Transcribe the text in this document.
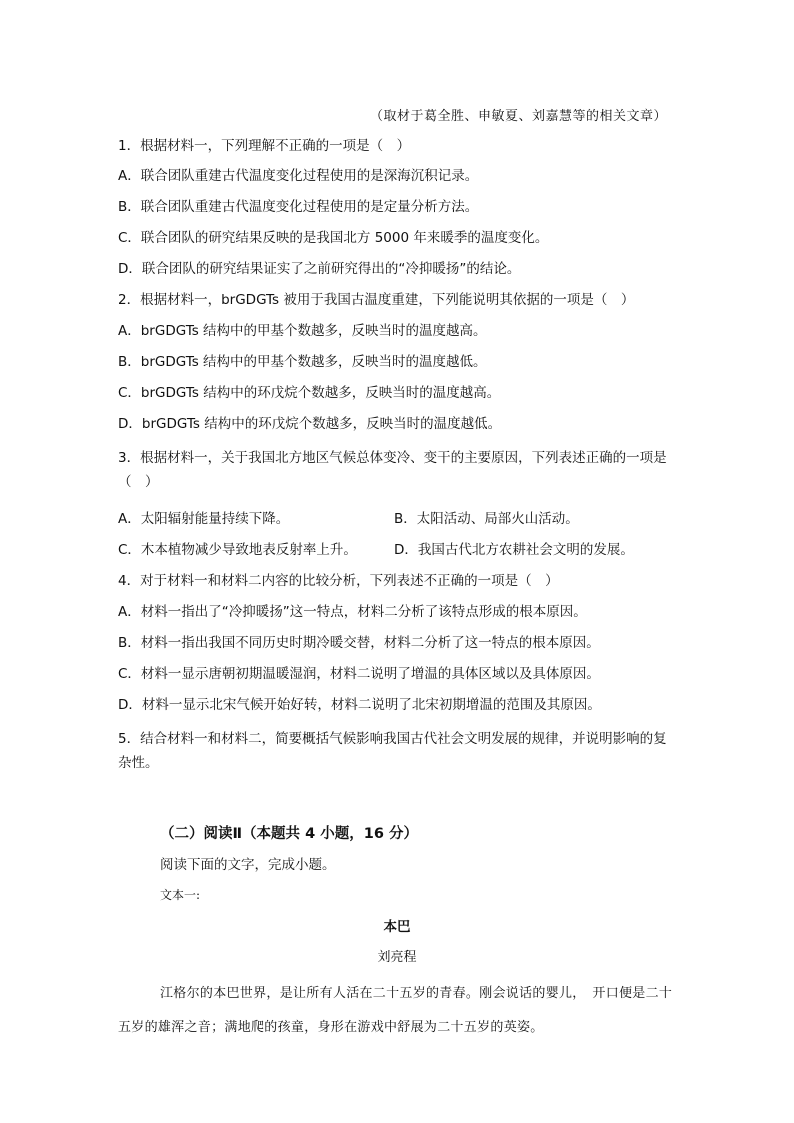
（取材于葛全胜、申敏夏、刘嘉慧等的相关文章）
1．根据材料一，下列理解不正确的一项是（　）
A．联合团队重建古代温度变化过程使用的是深海沉积记录。
B．联合团队重建古代温度变化过程使用的是定量分析方法。
C．联合团队的研究结果反映的是我国北方 5000 年来暖季的温度变化。
D．联合团队的研究结果证实了之前研究得出的“冷抑暖扬”的结论。
2．根据材料一，brGDGTs 被用于我国古温度重建，下列能说明其依据的一项是（　）
A．brGDGTs 结构中的甲基个数越多，反映当时的温度越高。
B．brGDGTs 结构中的甲基个数越多，反映当时的温度越低。
C．brGDGTs 结构中的环戊烷个数越多，反映当时的温度越高。
D．brGDGTs 结构中的环戊烷个数越多，反映当时的温度越低。
3．根据材料一，关于我国北方地区气候总体变冷、变干的主要原因，下列表述正确的一项是（　）
A．太阳辐射能量持续下降。	B．太阳活动、局部火山活动。
C．木本植物减少导致地表反射率上升。	D．我国古代北方农耕社会文明的发展。
4．对于材料一和材料二内容的比较分析，下列表述不正确的一项是（　）
A．材料一指出了“冷抑暖扬”这一特点，材料二分析了该特点形成的根本原因。
B．材料一指出我国不同历史时期冷暖交替，材料二分析了这一特点的根本原因。
C．材料一显示唐朝初期温暖湿润，材料二说明了增温的具体区域以及具体原因。
D．材料一显示北宋气候开始好转，材料二说明了北宋初期增温的范围及其原因。
5．结合材料一和材料二，简要概括气候影响我国古代社会文明发展的规律，并说明影响的复杂性。
（二）阅读Ⅱ（本题共 4 小题，16 分）
阅读下面的文字，完成小题。
文本一:
本巴
刘亮程
江格尔的本巴世界，是让所有人活在二十五岁的青春。刚会说话的婴儿，　开口便是二十五岁的雄浑之音；满地爬的孩童，身形在游戏中舒展为二十五岁的英姿。
